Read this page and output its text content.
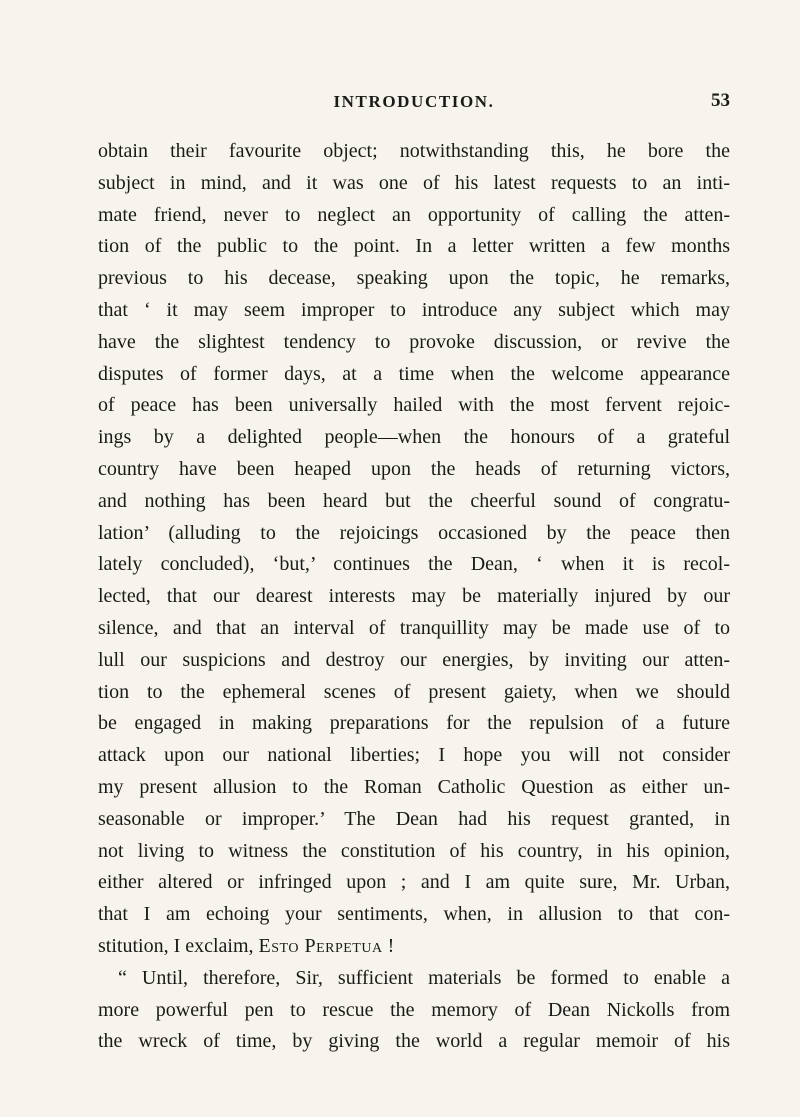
INTRODUCTION.	53
obtain their favourite object; notwithstanding this, he bore the
subject in mind, and it was one of his latest requests to an inti-
mate friend, never to neglect an opportunity of calling the atten-
tion of the public to the point. In a letter written a few months
previous to his decease, speaking upon the topic, he remarks,
that ‘ it may seem improper to introduce any subject which may
have the slightest tendency to provoke discussion, or revive the
disputes of former days, at a time when the welcome appearance
of peace has been universally hailed with the most fervent rejoic-
ings by a delighted people—when the honours of a grateful
country have been heaped upon the heads of returning victors,
and nothing has been heard but the cheerful sound of congratu-
lation’ (alluding to the rejoicings occasioned by the peace then
lately concluded), ‘but,’ continues the Dean, ‘ when it is recol-
lected, that our dearest interests may be materially injured by our
silence, and that an interval of tranquillity may be made use of to
lull our suspicions and destroy our energies, by inviting our atten-
tion to the ephemeral scenes of present gaiety, when we should
be engaged in making preparations for the repulsion of a future
attack upon our national liberties; I hope you will not consider
my present allusion to the Roman Catholic Question as either un-
seasonable or improper.’ The Dean had his request granted, in
not living to witness the constitution of his country, in his opinion,
either altered or infringed upon ; and I am quite sure, Mr. Urban,
that I am echoing your sentiments, when, in allusion to that con-
stitution, I exclaim, Esto Perpetua !
“ Until, therefore, Sir, sufficient materials be formed to enable a
more powerful pen to rescue the memory of Dean Nickolls from
the wreck of time, by giving the world a regular memoir of his
